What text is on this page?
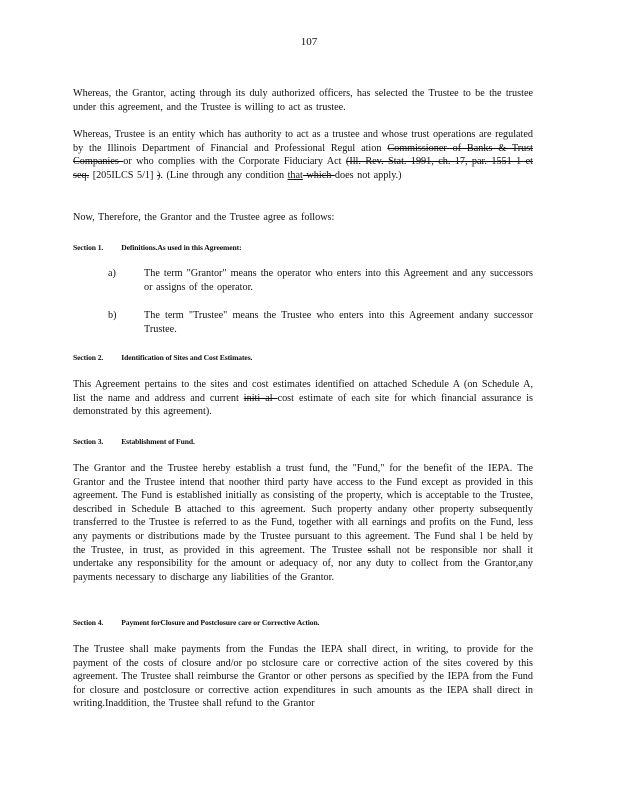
107
Whereas, the Grantor, acting through its duly authorized officers, has selected the Trustee to be the trustee under this agreement, and the Trustee is willing to act as trustee.
Whereas, Trustee is an entity which has authority to act as a trustee and whose trust operations are regulated by the Illinois Department of Financial and Professional Regul ation Commissioner of Banks & Trust Companies or who complies with the Corporate Fiduciary Act (Ill. Rev. Stat. 1991, ch. 17, par. 1551 1 et seq. [205ILCS 5/1] ). (Line through any condition that which does not apply.)
Now, Therefore, the Grantor and the Trustee agree as follows:
Section 1. Definitions.As used in this Agreement:
a)	The term "Grantor" means the operator who enters into this Agreement and any successors or assigns of the operator.
b)	The term "Trustee" means the Trustee who enters into this Agreement andany successor Trustee.
Section 2. Identification of Sites and Cost Estimates.
This Agreement pertains to the sites and cost estimates identified on attached Schedule A (on Schedule A, list the name and address and current initi al cost estimate of each site for which financial assurance is demonstrated by this agreement).
Section 3. Establishment of Fund.
The Grantor and the Trustee hereby establish a trust fund, the "Fund," for the benefit of the IEPA. The Grantor and the Trustee intend that noother third party have access to the Fund except as provided in this agreement. The Fund is established initially as consisting of the property, which is acceptable to the Trustee, described in Schedule B attached to this agreement. Such property andany other property subsequently transferred to the Trustee is referred to as the Fund, together with all earnings and profits on the Fund, less any payments or distributions made by the Trustee pursuant to this agreement. The Fund shal l be held by the Trustee, in trust, as provided in this agreement. The Trustee sshall not be responsible nor shall it undertake any responsibility for the amount or adequacy of, nor any duty to collect from the Grantor,any payments necessary to discharge any liabilities of the Grantor.
Section 4. Payment forClosure and Postclosure care or Corrective Action.
The Trustee shall make payments from the Fundas the IEPA shall direct, in writing, to provide for the payment of the costs of closure and/or po stclosure care or corrective action of the sites covered by this agreement. The Trustee shall reimburse the Grantor or other persons as specified by the IEPA from the Fund for closure and postclosure or corrective action expenditures in such amounts as the IEPA shall direct in writing.Inaddition, the Trustee shall refund to the Grantor
